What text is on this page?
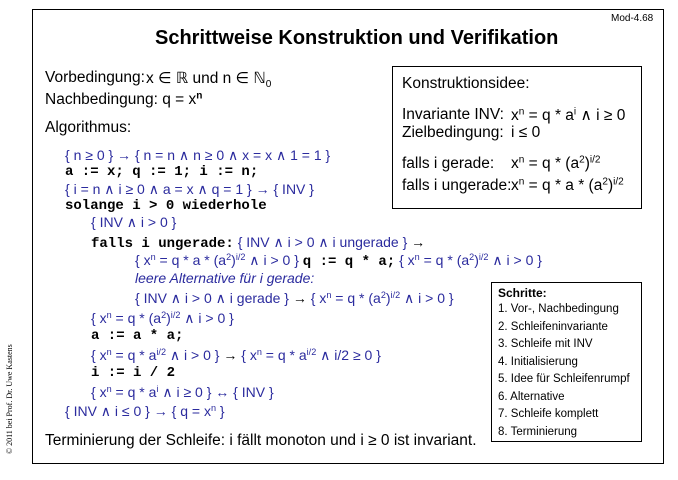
Mod-4.68
Schrittweise Konstruktion und Verifikation
© 2011 bei Prof. Dr. Uwe Kastens
Vorbedingung: x ∈ ℝ und n ∈ ℕ$_0$
Nachbedingung: $q = x^n$
Algorithmus:
{ n ≥ 0 } → { n = n ∧ n ≥ 0 ∧ x = x ∧ 1 = 1 }
a := x; q := 1; i := n;
{ i = n ∧ i ≥ 0 ∧ a = x ∧ q = 1 } → { INV }
solange i > 0 wiederhole
{ INV ∧ i > 0 }
falls i ungerade: { INV ∧ i > 0 ∧ i ungerade } →
{ $x^n = q * a * (a^2)^{i/2}$ ∧ i > 0 } q := q * a; { $x^n = q * (a^2)^{i/2}$ ∧ i > 0 }
leere Alternative für i gerade:
{ INV ∧ i > 0 ∧ i gerade } → { $x^n = q * (a^2)^{i/2}$ ∧ i > 0 }
{ $x^n = q * (a^2)^{i/2}$ ∧ i > 0 }
a := a * a;
{ $x^n = q * a^{i/2}$ ∧ i > 0 } → { $x^n = q * a^{i/2}$ ∧ i/2 ≥ 0 }
i := i / 2
{ $x^n = q * a^i$ ∧ i ≥ 0 } ↔ { INV }
{ INV ∧ i ≤ 0 } → { $q = x^n$ }
Terminierung der Schleife: i fällt monoton und i ≥ 0 ist invariant.
Konstruktionsidee:
Invariante INV: $x^n = q * a^i$ ∧ i ≥ 0
Zielbedingung: i ≤ 0
falls i gerade: $x^n = q * (a^2)^{i/2}$
falls i ungerade: $x^n = q * a * (a^2)^{i/2}$
Schritte:
1. Vor-, Nachbedingung
2. Schleifeninvariante
3. Schleife mit INV
4. Initialisierung
5. Idee für Schleifenrumpf
6. Alternative
7. Schleife komplett
8. Terminierung
